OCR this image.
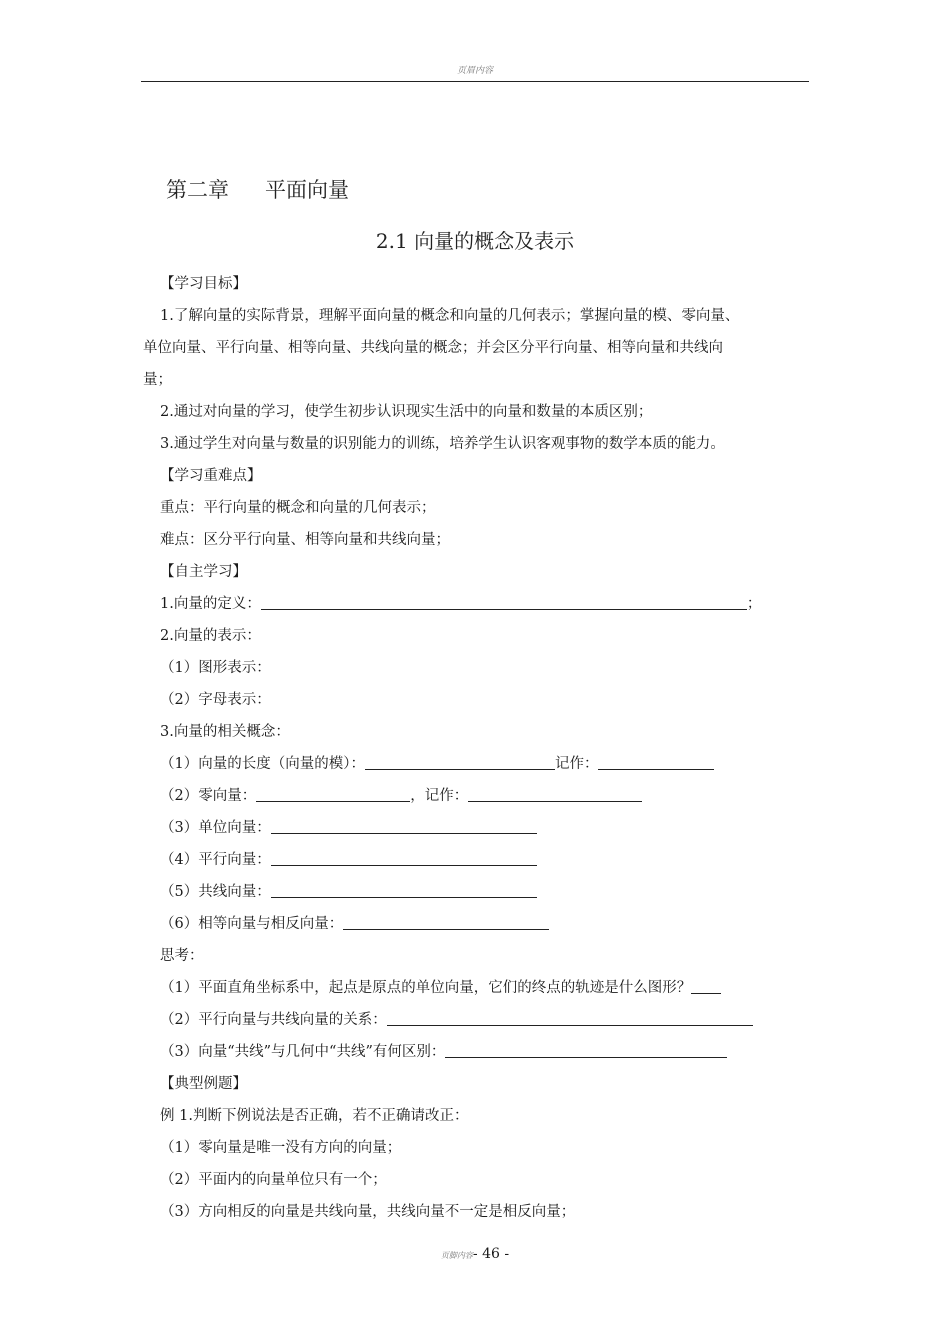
页眉内容
第二章 平面向量
2.1 向量的概念及表示
【学习目标】
1.了解向量的实际背景，理解平面向量的概念和向量的几何表示；掌握向量的模、零向量、
单位向量、平行向量、相等向量、共线向量的概念；并会区分平行向量、相等向量和共线向
量；
2.通过对向量的学习，使学生初步认识现实生活中的向量和数量的本质区别；
3.通过学生对向量与数量的识别能力的训练，培养学生认识客观事物的数学本质的能力。
【学习重难点】
重点：平行向量的概念和向量的几何表示；
难点：区分平行向量、相等向量和共线向量；
【自主学习】
1.向量的定义：	；
2.向量的表示：
（1）图形表示：
（2）字母表示：
3.向量的相关概念：
（1）向量的长度（向量的模）：	记作：
（2）零向量：	，记作：
（3）单位向量：
（4）平行向量：
（5）共线向量：
（6）相等向量与相反向量：
思考：
（1）平面直角坐标系中，起点是原点的单位向量，它们的终点的轨迹是什么图形？
（2）平行向量与共线向量的关系：
（3）向量“共线”与几何中“共线”有何区别：
【典型例题】
例 1.判断下例说法是否正确，若不正确请改正：
（1）零向量是唯一没有方向的向量；
（2）平面内的向量单位只有一个；
（3）方向相反的向量是共线向量，共线向量不一定是相反向量；
页脚内容- 46 -
